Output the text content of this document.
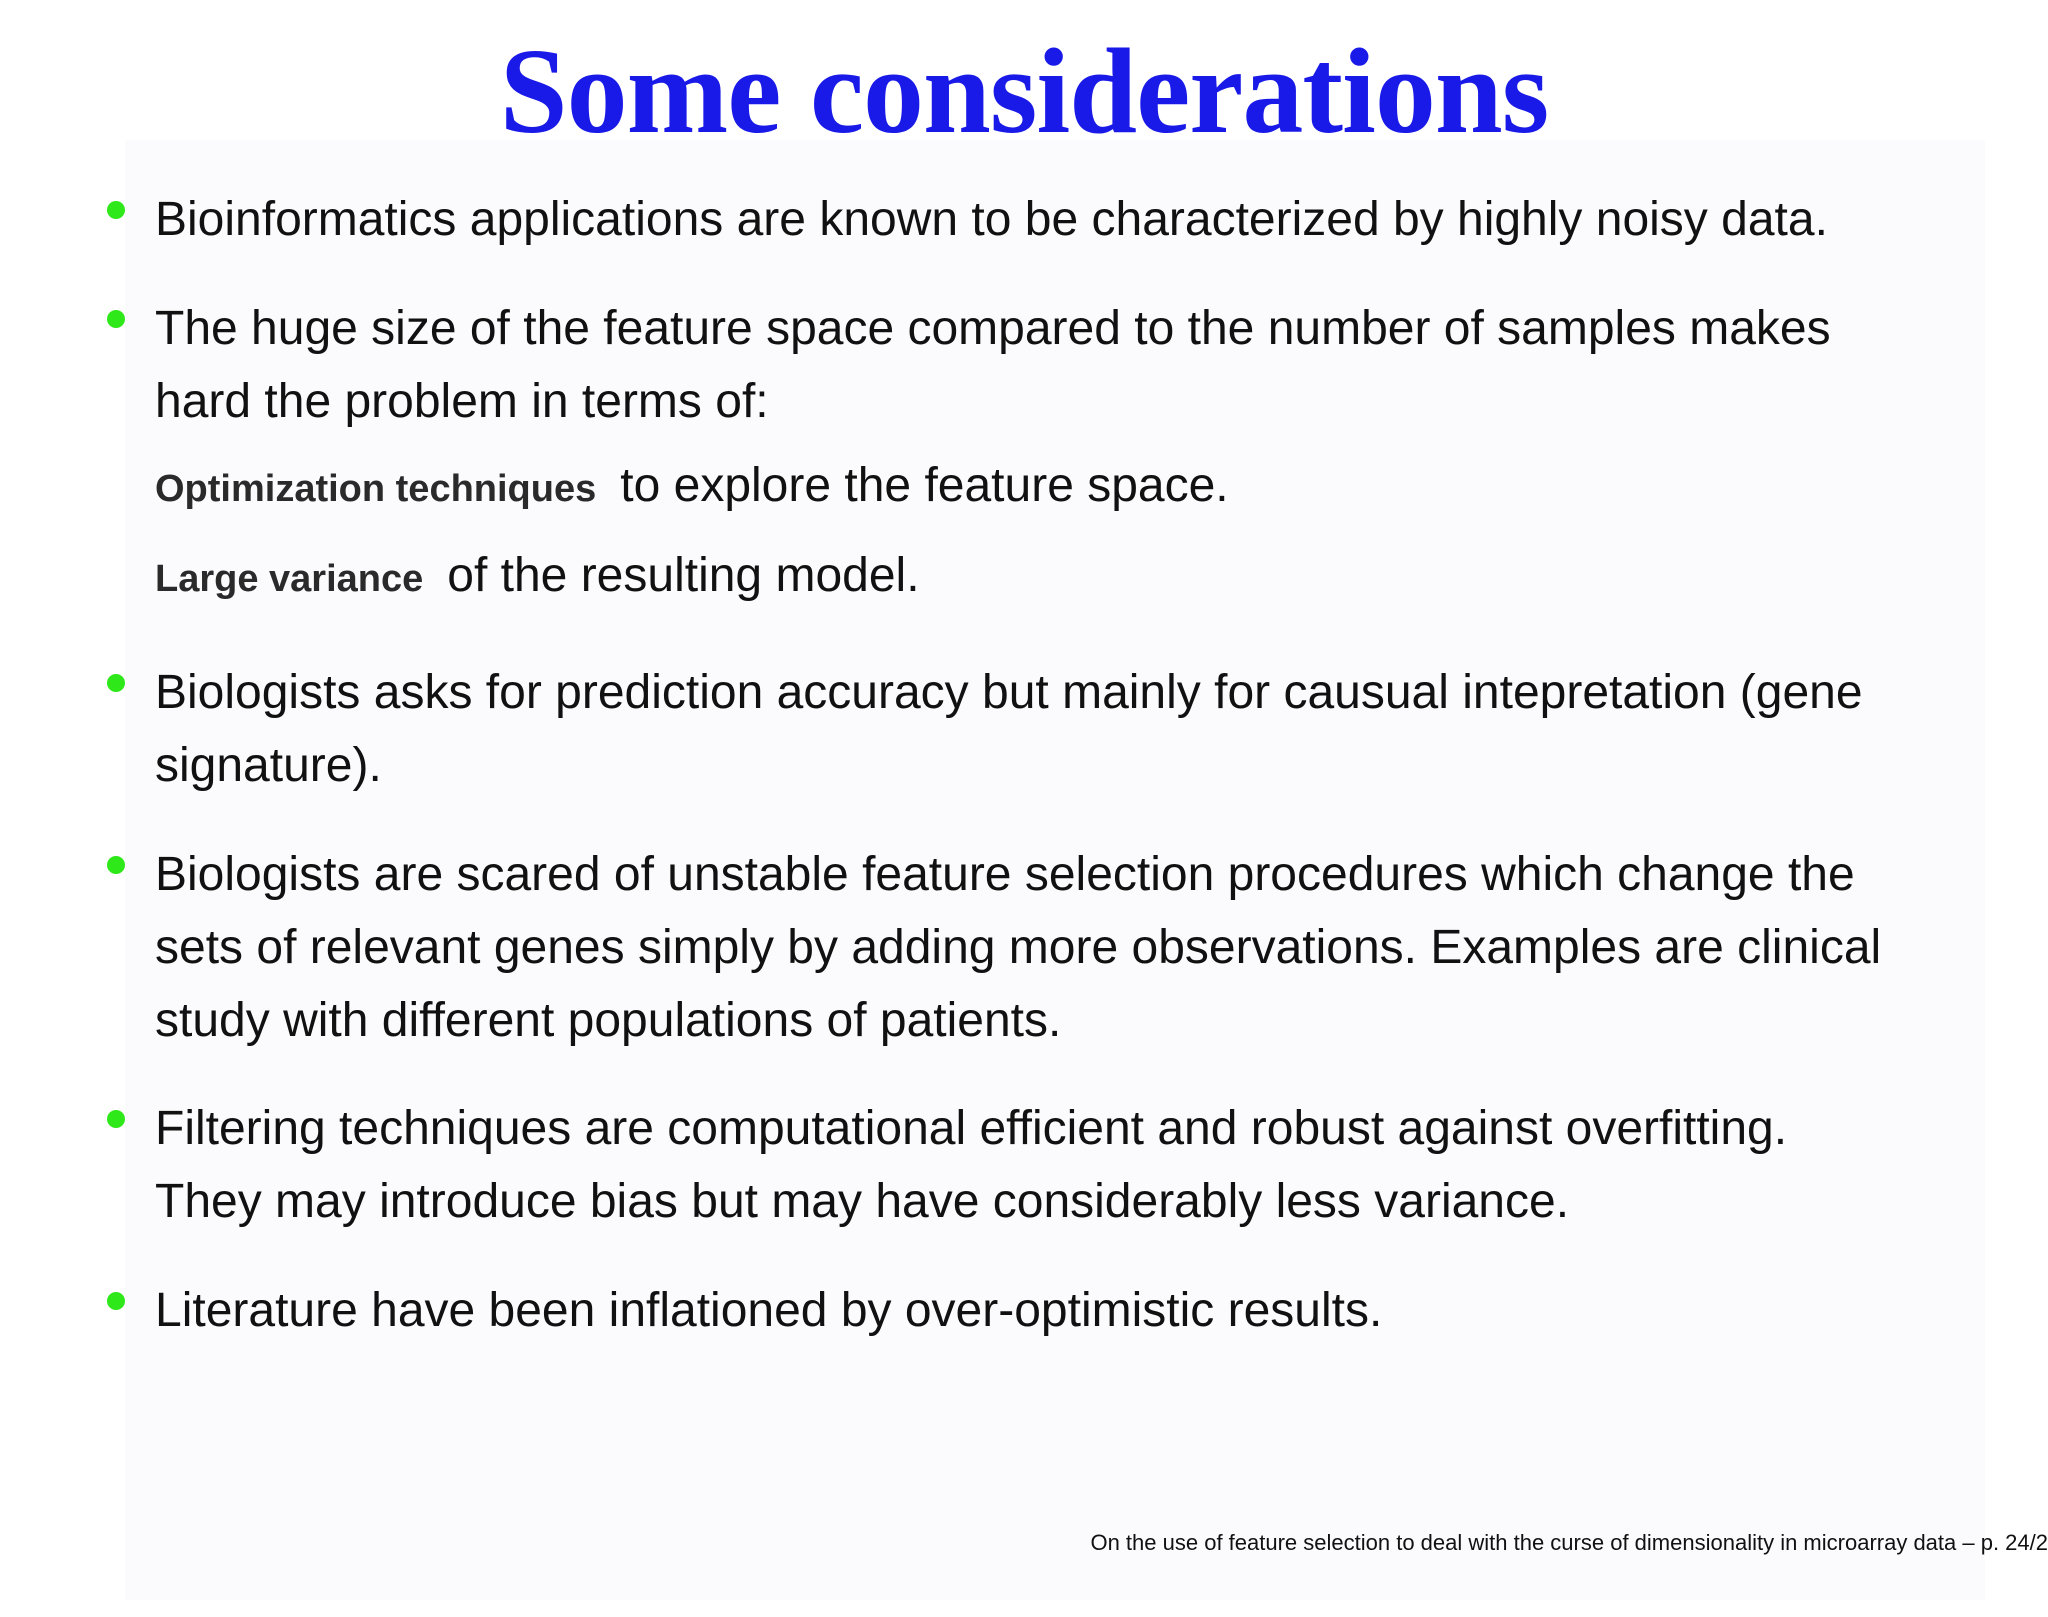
Some considerations

Bioinformatics applications are known to be characterized by highly noisy data.

The huge size of the feature space compared to the number of samples makes
hard the problem in terms of:

Optimization techniques to explore the feature space.
Large variance of the resulting model.

Biologists asks for prediction accuracy but mainly for causual intepretation (gene
signature).

Biologists are scared of unstable feature selection procedures which change the
sets of relevant genes simply by adding more observations. Examples are clinical
study with different populations of patients.

Filtering techniques are computational efficient and robust against overfitting.
They may introduce bias but may have considerably less variance.

Literature have been inflationed by over-optimistic results.

On the use of feature selection to deal with the curse of dimensionality in microarray data – p. 24/2
